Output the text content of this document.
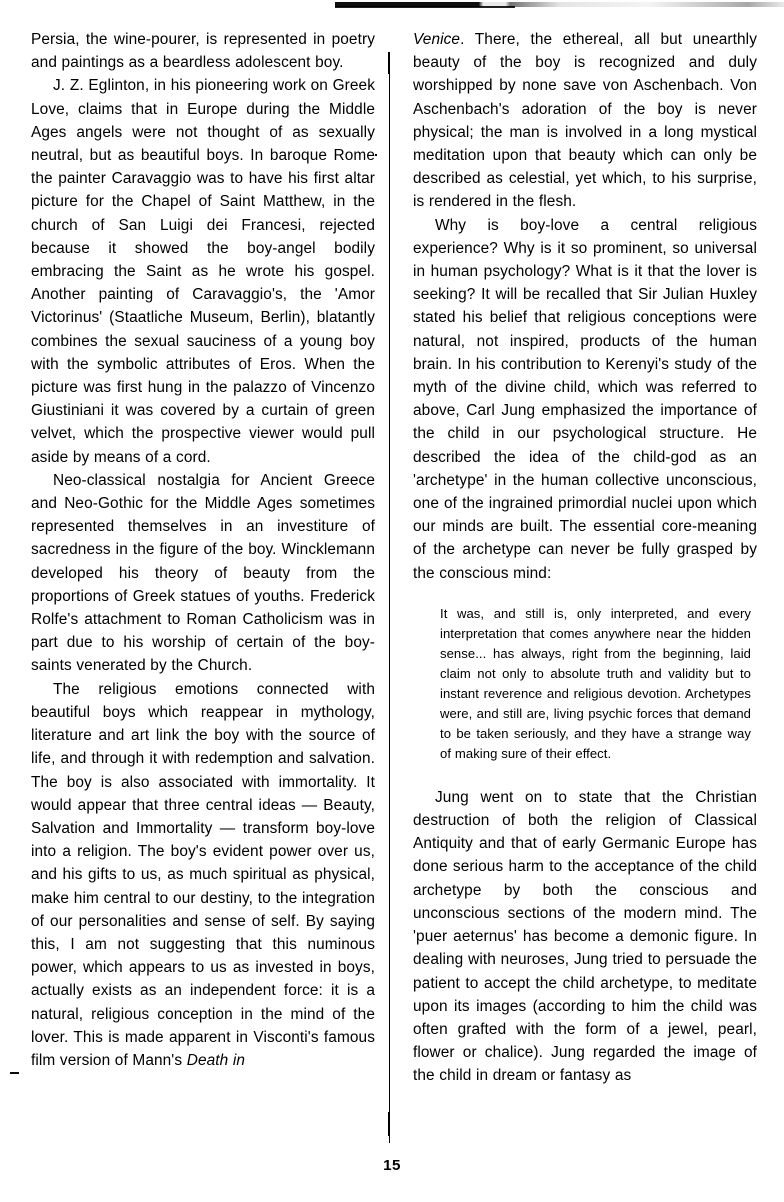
Persia, the wine-pourer, is represented in poetry and paintings as a beardless adolescent boy.

J. Z. Eglinton, in his pioneering work on Greek Love, claims that in Europe during the Middle Ages angels were not thought of as sexually neutral, but as beautiful boys. In baroque Rome the painter Caravaggio was to have his first altar picture for the Chapel of Saint Matthew, in the church of San Luigi dei Francesi, rejected because it showed the boy-angel bodily embracing the Saint as he wrote his gospel. Another painting of Caravaggio's, the 'Amor Victorinus' (Staatliche Museum, Berlin), blatantly combines the sexual sauciness of a young boy with the symbolic attributes of Eros. When the picture was first hung in the palazzo of Vincenzo Giustiniani it was covered by a curtain of green velvet, which the prospective viewer would pull aside by means of a cord.

Neo-classical nostalgia for Ancient Greece and Neo-Gothic for the Middle Ages sometimes represented themselves in an investiture of sacredness in the figure of the boy. Wincklemann developed his theory of beauty from the proportions of Greek statues of youths. Frederick Rolfe's attachment to Roman Catholicism was in part due to his worship of certain of the boy-saints venerated by the Church.

The religious emotions connected with beautiful boys which reappear in mythology, literature and art link the boy with the source of life, and through it with redemption and salvation. The boy is also associated with immortality. It would appear that three central ideas — Beauty, Salvation and Immortality — transform boy-love into a religion. The boy's evident power over us, and his gifts to us, as much spiritual as physical, make him central to our destiny, to the integration of our personalities and sense of self. By saying this, I am not suggesting that this numinous power, which appears to us as invested in boys, actually exists as an independent force: it is a natural, religious conception in the mind of the lover. This is made apparent in Visconti's famous film version of Mann's Death in

Venice. There, the ethereal, all but unearthly beauty of the boy is recognized and duly worshipped by none save von Aschenbach. Von Aschenbach's adoration of the boy is never physical; the man is involved in a long mystical meditation upon that beauty which can only be described as celestial, yet which, to his surprise, is rendered in the flesh.

Why is boy-love a central religious experience? Why is it so prominent, so universal in human psychology? What is it that the lover is seeking? It will be recalled that Sir Julian Huxley stated his belief that religious conceptions were natural, not inspired, products of the human brain. In his contribution to Kerenyi's study of the myth of the divine child, which was referred to above, Carl Jung emphasized the importance of the child in our psychological structure. He described the idea of the child-god as an 'archetype' in the human collective unconscious, one of the ingrained primordial nuclei upon which our minds are built. The essential core-meaning of the archetype can never be fully grasped by the conscious mind:

It was, and still is, only interpreted, and every interpretation that comes anywhere near the hidden sense... has always, right from the beginning, laid claim not only to absolute truth and validity but to instant reverence and religious devotion. Archetypes were, and still are, living psychic forces that demand to be taken seriously, and they have a strange way of making sure of their effect.

Jung went on to state that the Christian destruction of both the religion of Classical Antiquity and that of early Germanic Europe has done serious harm to the acceptance of the child archetype by both the conscious and unconscious sections of the modern mind. The 'puer aeternus' has become a demonic figure. In dealing with neuroses, Jung tried to persuade the patient to accept the child archetype, to meditate upon its images (according to him the child was often grafted with the form of a jewel, pearl, flower or chalice). Jung regarded the image of the child in dream or fantasy as

15
